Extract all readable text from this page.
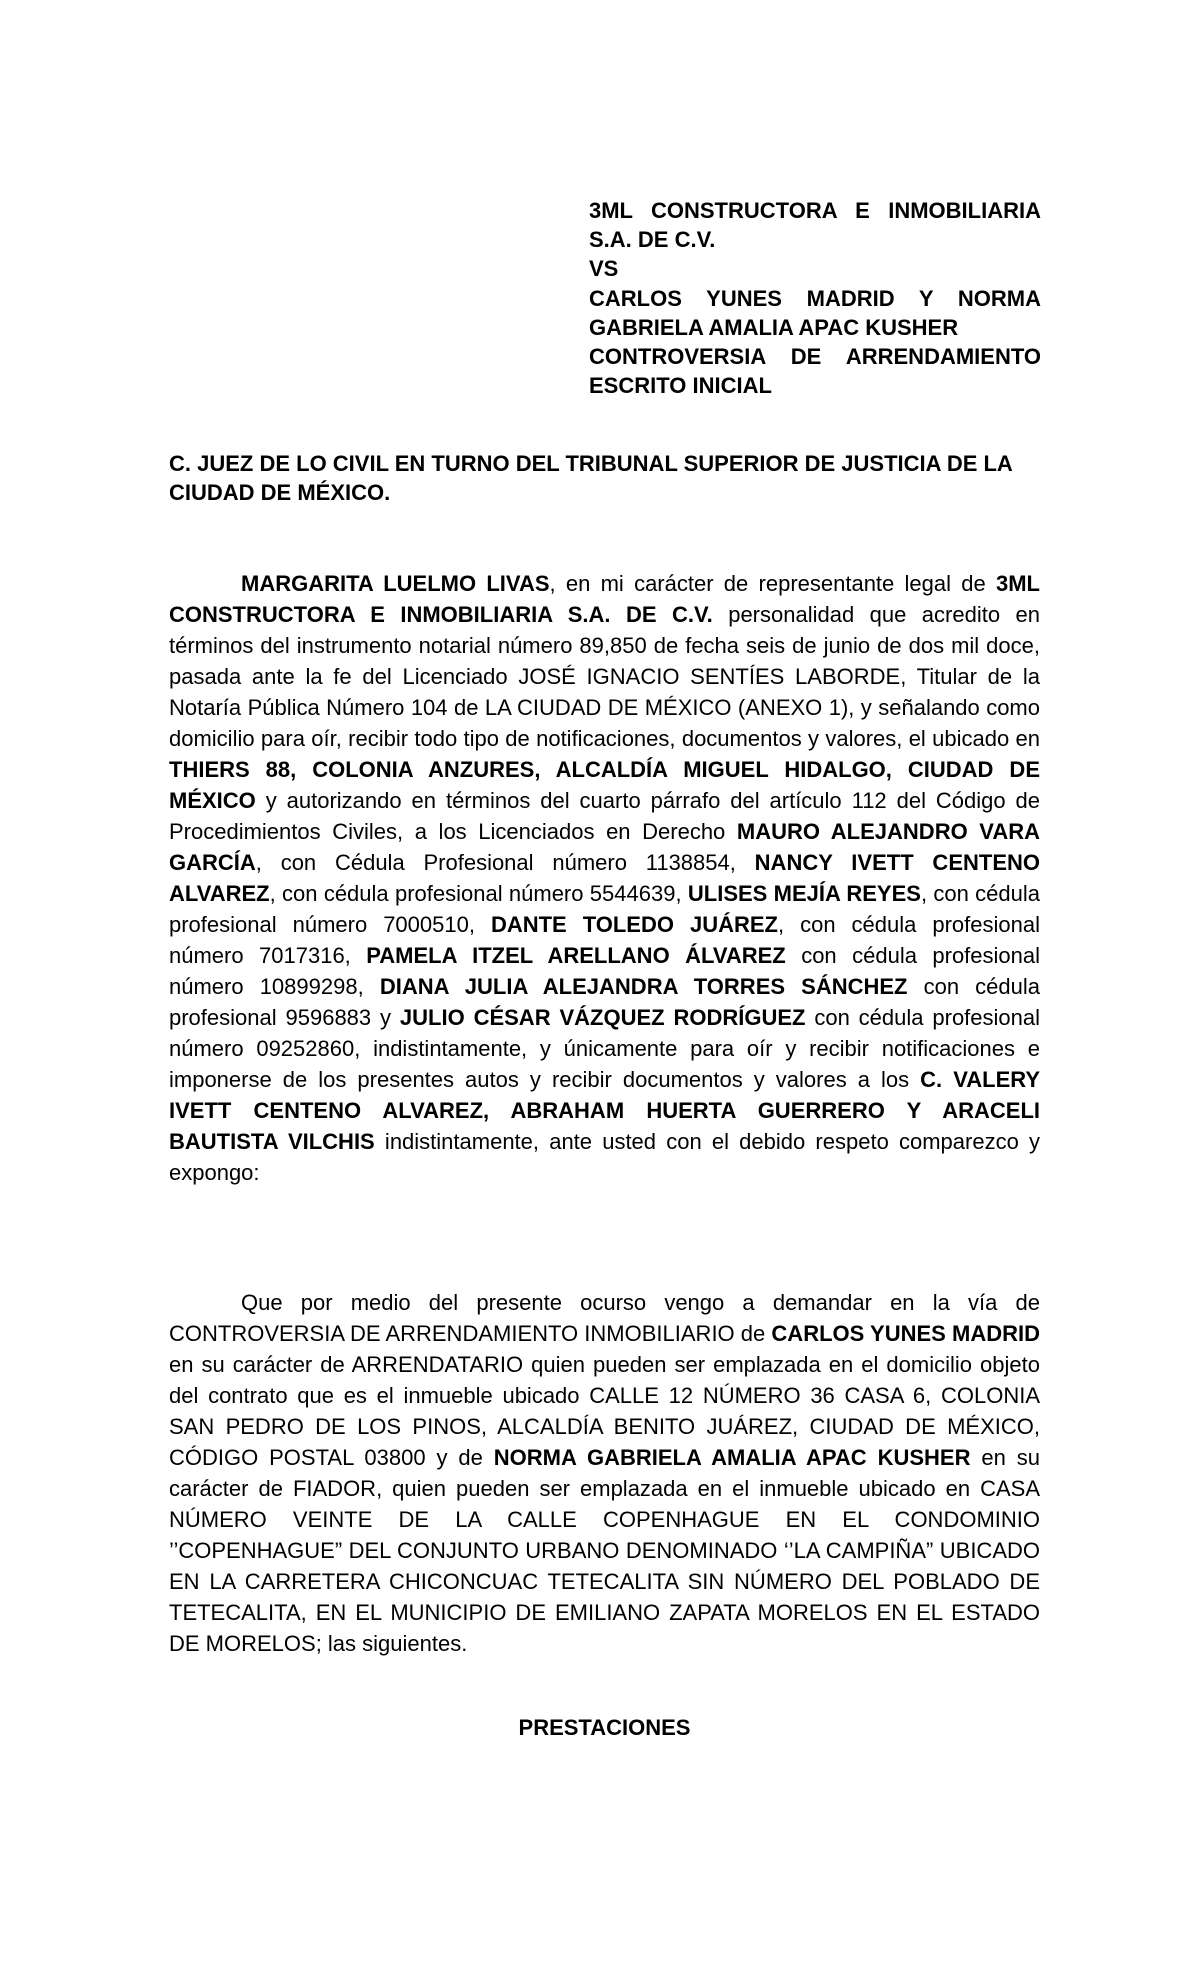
3ML CONSTRUCTORA E INMOBILIARIA
S.A. DE C.V.
VS
CARLOS YUNES MADRID Y NORMA
GABRIELA AMALIA APAC KUSHER
CONTROVERSIA DE ARRENDAMIENTO
ESCRITO INICIAL
C. JUEZ DE LO CIVIL EN TURNO DEL TRIBUNAL SUPERIOR DE JUSTICIA DE LA CIUDAD DE MÉXICO.
MARGARITA LUELMO LIVAS, en mi carácter de representante legal de 3ML CONSTRUCTORA E INMOBILIARIA S.A. DE C.V. personalidad que acredito en términos del instrumento notarial número 89,850 de fecha seis de junio de dos mil doce, pasada ante la fe del Licenciado JOSÉ IGNACIO SENTÍES LABORDE, Titular de la Notaría Pública Número 104 de LA CIUDAD DE MÉXICO (ANEXO 1), y señalando como domicilio para oír, recibir todo tipo de notificaciones, documentos y valores, el ubicado en THIERS 88, COLONIA ANZURES, ALCALDÍA MIGUEL HIDALGO, CIUDAD DE MÉXICO y autorizando en términos del cuarto párrafo del artículo 112 del Código de Procedimientos Civiles, a los Licenciados en Derecho MAURO ALEJANDRO VARA GARCÍA, con Cédula Profesional número 1138854, NANCY IVETT CENTENO ALVAREZ, con cédula profesional número 5544639, ULISES MEJÍA REYES, con cédula profesional número 7000510, DANTE TOLEDO JUÁREZ, con cédula profesional número 7017316, PAMELA ITZEL ARELLANO ÁLVAREZ con cédula profesional número 10899298, DIANA JULIA ALEJANDRA TORRES SÁNCHEZ con cédula profesional 9596883 y JULIO CÉSAR VÁZQUEZ RODRÍGUEZ con cédula profesional número 09252860, indistintamente, y únicamente para oír y recibir notificaciones e imponerse de los presentes autos y recibir documentos y valores a los C. VALERY IVETT CENTENO ALVAREZ, ABRAHAM HUERTA GUERRERO Y ARACELI BAUTISTA VILCHIS indistintamente, ante usted con el debido respeto comparezco y expongo:
Que por medio del presente ocurso vengo a demandar en la vía de CONTROVERSIA DE ARRENDAMIENTO INMOBILIARIO de CARLOS YUNES MADRID en su carácter de ARRENDATARIO quien pueden ser emplazada en el domicilio objeto del contrato que es el inmueble ubicado CALLE 12 NÚMERO 36 CASA 6, COLONIA SAN PEDRO DE LOS PINOS, ALCALDÍA BENITO JUÁREZ, CIUDAD DE MÉXICO, CÓDIGO POSTAL 03800 y de NORMA GABRIELA AMALIA APAC KUSHER en su carácter de FIADOR, quien pueden ser emplazada en el inmueble ubicado en CASA NÚMERO VEINTE DE LA CALLE COPENHAGUE EN EL CONDOMINIO ’’COPENHAGUE” DEL CONJUNTO URBANO DENOMINADO ‘’LA CAMPIÑA” UBICADO EN LA CARRETERA CHICONCUAC TETECALITA SIN NÚMERO DEL POBLADO DE TETECALITA, EN EL MUNICIPIO DE EMILIANO ZAPATA MORELOS EN EL ESTADO DE MORELOS; las siguientes.
PRESTACIONES
